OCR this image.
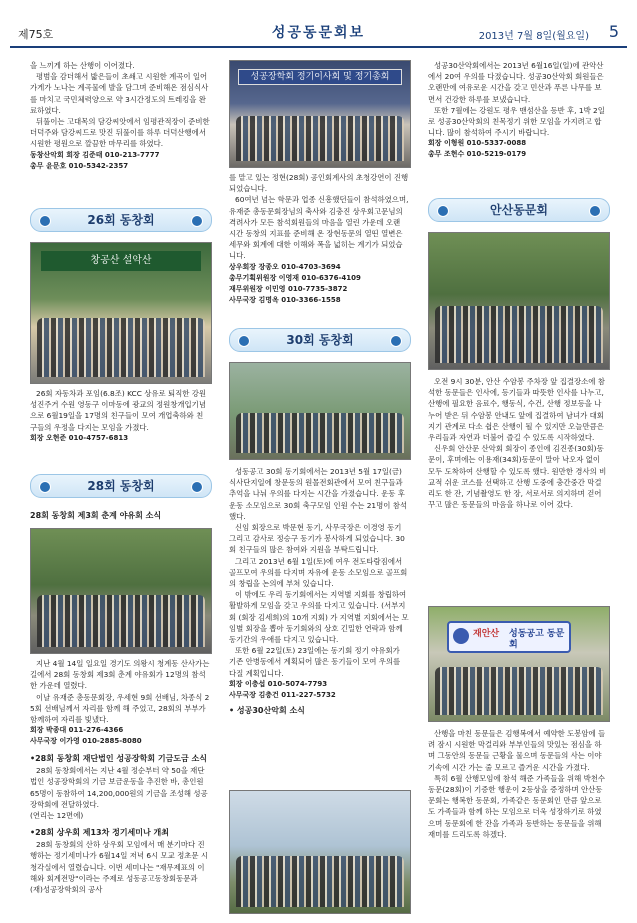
제75호	성공동문회보	2013년 7월 8일(월요일) 5

을 느끼게 하는 산행이 이어졌다.

평범을 감더해서 밟은들이 초쇄고 시원한 계곡이 일어 가게가 노나는 계곡물에 발을 담그며 준비해온 점심식사를 마치고 국민체력양으로 약 3시간정도의 트레킹을 완료하였다.

뒤풀이는 고대목의 담강씨앗에서 임평관적장이 준비한 더덕주와 담강씨드로 맛진 뒤풀이를 하루 더덕산행에서 시원한 평원으로 깔끔한 마무리를 하였다.

동창산악회 회장 김준태 010-213-7777

총무 윤문호 010-5342-2357

26회 동창회
창공산 설악산

26회 자동차과 포임(6.8조) KCC 상유로 퇴직한 강원성진주거 수원 영동구 이마동에 광교의 정원창개입기념으로 6월19일을 17명의 친구들이 모여 개업축하와 친구들의 우정을 다지는 모임을 가졌다.

회장 오현준 010-4757-6813

28회 동창회

28회 동창회 제3회 춘계 야유회 소식

지난 4월 14일 일요일 경기도 의왕시 청계동 산사가는 길에서 28회 동창회 제3회 춘계 야유회가 12명의 참석한 가운데 열렸다.

이날 유재준 총동문회장, 우세현 9회 선배님, 차종식 25회 선배님께서 자리를 함께 해 주었고, 28회의 부부가 함께하여 자리를 빛냈다.

회장 박종대 011-276-4366

사무국장 이가영 010-2885-8080

•28회 동창회 재단법인 성공장학회 기금도금 소식

28회 동창회에서는 지난 4월 정순부터 약 50을 재단법인 성공장학회의 기금 보금운동을 추진한 바, 총인원 65명이 동참하여 14,200,000원의 기금을 조성해 성공장학회에 전달하였다.

(연리는 12면에)

•28회 상우회 제13차 정기세미나 개최

28회 동창회의 산하 상우회 모임에서 매 분기마다 진행하는 정기세미나가 6월14일 저녁 6시 모교 정초문 시청각실에서 열렸습니다. 이번 세미나는 "재무제표의 이해와 회계전망"이라는 주제로 성동공고동창회동문과 (재)성공장학회의 공사

성공장학회 정기이사회 및 정기총회

를 맡고 있는 정현(28회) 공인회계사의 초청강연이 진행되었습니다.

60여년 넘는 학문과 업종 신흥했던들이 참석하였으며, 유재준 총동문회장님의 축사와 김충진 상우회고문님의 격려사가 모든 참석회원들의 마음을 열린 가운데 오랜 시간 동창의 지표를 준비해 온 장현동문의 열띤 열변은 세무와 회계에 대한 이해와 폭을 넓히는 계기가 되었습니다.

상우회장 장종오 010-4703-3694

총무기획위원장 이영재 010-6376-4109

재무위원장 이민영 010-7735-3872

사무국장 김명옥 010-3366-1558

30회 동창회

성동공고 30회 동기회에서는 2013년 5월 17일(금) 식사단지일에 창문동의 원몰전회관에서 모여 친구들과 추억을 나눠 우의를 다지는 시간을 가졌습니다. 운동 후 운동 소모임으로 30회 축구모임 인원 수는 21명이 참석했다.

신임 회장으로 박문현 동기, 사무국장은 이경영 동기 그리고 감사로 정승구 동기가 봉사하게 되었습니다. 30회 친구들의 많은 참여와 지원을 부탁드립니다.

그리고 2013년 6월 1일(토)에 여우 전도타람짐에서 골프모여 우의를 다지며 자유에 운동 소모임으로 골프회의 창립을 논의에 부쳐 있습니다.

이 밖에도 우리 동기회에서는 지역별 지회를 창립하여 활발하게 모임을 갖고 우의를 다지고 있습니다. (서부지회 (회장 김세희)의 10개 지회) 가 지역별 지회에서는 모임별 회장을 뽑아 동기회와의 상호 긴밀한 연락과 함께 동기간의 우애를 다지고 있습니다.

또한 6월 22일(토) 23일에는 동기회 정기 야유회가 기존 안병동에서 계획되어 많은 동기들이 모여 우의를 다질 계획입니다.

회장 이충섭 010-5074-7793

사무국장 김충건 011-227-5732

• 성공30산악회 소식

성공30산악회에서는 2013년 6월16일(일)에 관악산에서 20여 우의를 다졌습니다. 성공30산악회 회원들은 오랜만에 여유로운 시간을 갖고 민산과 푸른 나무를 보면서 건강한 하루를 보냈습니다.

또한 7월에는 강원도 평우 맨섬산을 등반 후, 1박 2일로 성공30산악회의 친목정기 위한 모임을 가지려고 합니다. 많이 참석하여 주시기 바랍니다.

회장 이형원 010-5337-0088

총무 조현수 010-5219-0179

안산동문회

오전 9시 30분, 안산 수암봉 주차장 앞 집결장소에 참석한 동문들은 인사에, 등기들과 따뜻한 인사를 나누고, 산행에 필요한 음료수, 행동식, 수건, 산행 정보등을 나누어 받은 뒤 수암봉 안내도 앞에 집결하여 남녀가 대회지기 관계로 다소 쉽은 산행이 될 수 있지만 오늘만큼은 우리들과 자연과 더불어 즐길 수 있도록 시작하였다.

신우회 안산문 산악회 회장이 종인에 김진종(30회)동문이, 후며에는 이용재(34회)동문이 말아 낙오자 없이 모두 도착하여 산행할 수 있도록 했다. 원만한 경사의 비교적 쉬운 코스를 선택하고 산행 도중에 충간중간 막걸리도 한 잔, 기념촬영도 한 장, 서로서로 의지하며 걷어 꾸고 많은 동문들의 마음을 하나로 이어 갔다.

재안산 성동공고 동문회

산행을 마친 동문들은 김행복에서 예약한 도봉암에 들려 잠시 시원한 막걸리와 부부인들의 맛있는 점심을 하며 그동안의 동문들 근황을 물으며 동문들의 사는 이야기속에 시간 가는 줄 모르고 즐거운 시간을 가졌다.

특히 6월 산행모임에 참석 해준 가족들을 위해 박천수 동문(28회)이 기증한 행운이 2등상을 증정하며 안산동문회는 행복한 동문회, 가족같은 동문회인 만큼 앞으로도 가족들과 함께 하는 모임으로 더욱 성장하기로 하였으며 동문회에 한 잔을 가족과 동반하는 동문들을 위해 재미를 드리도록 하겠다.
